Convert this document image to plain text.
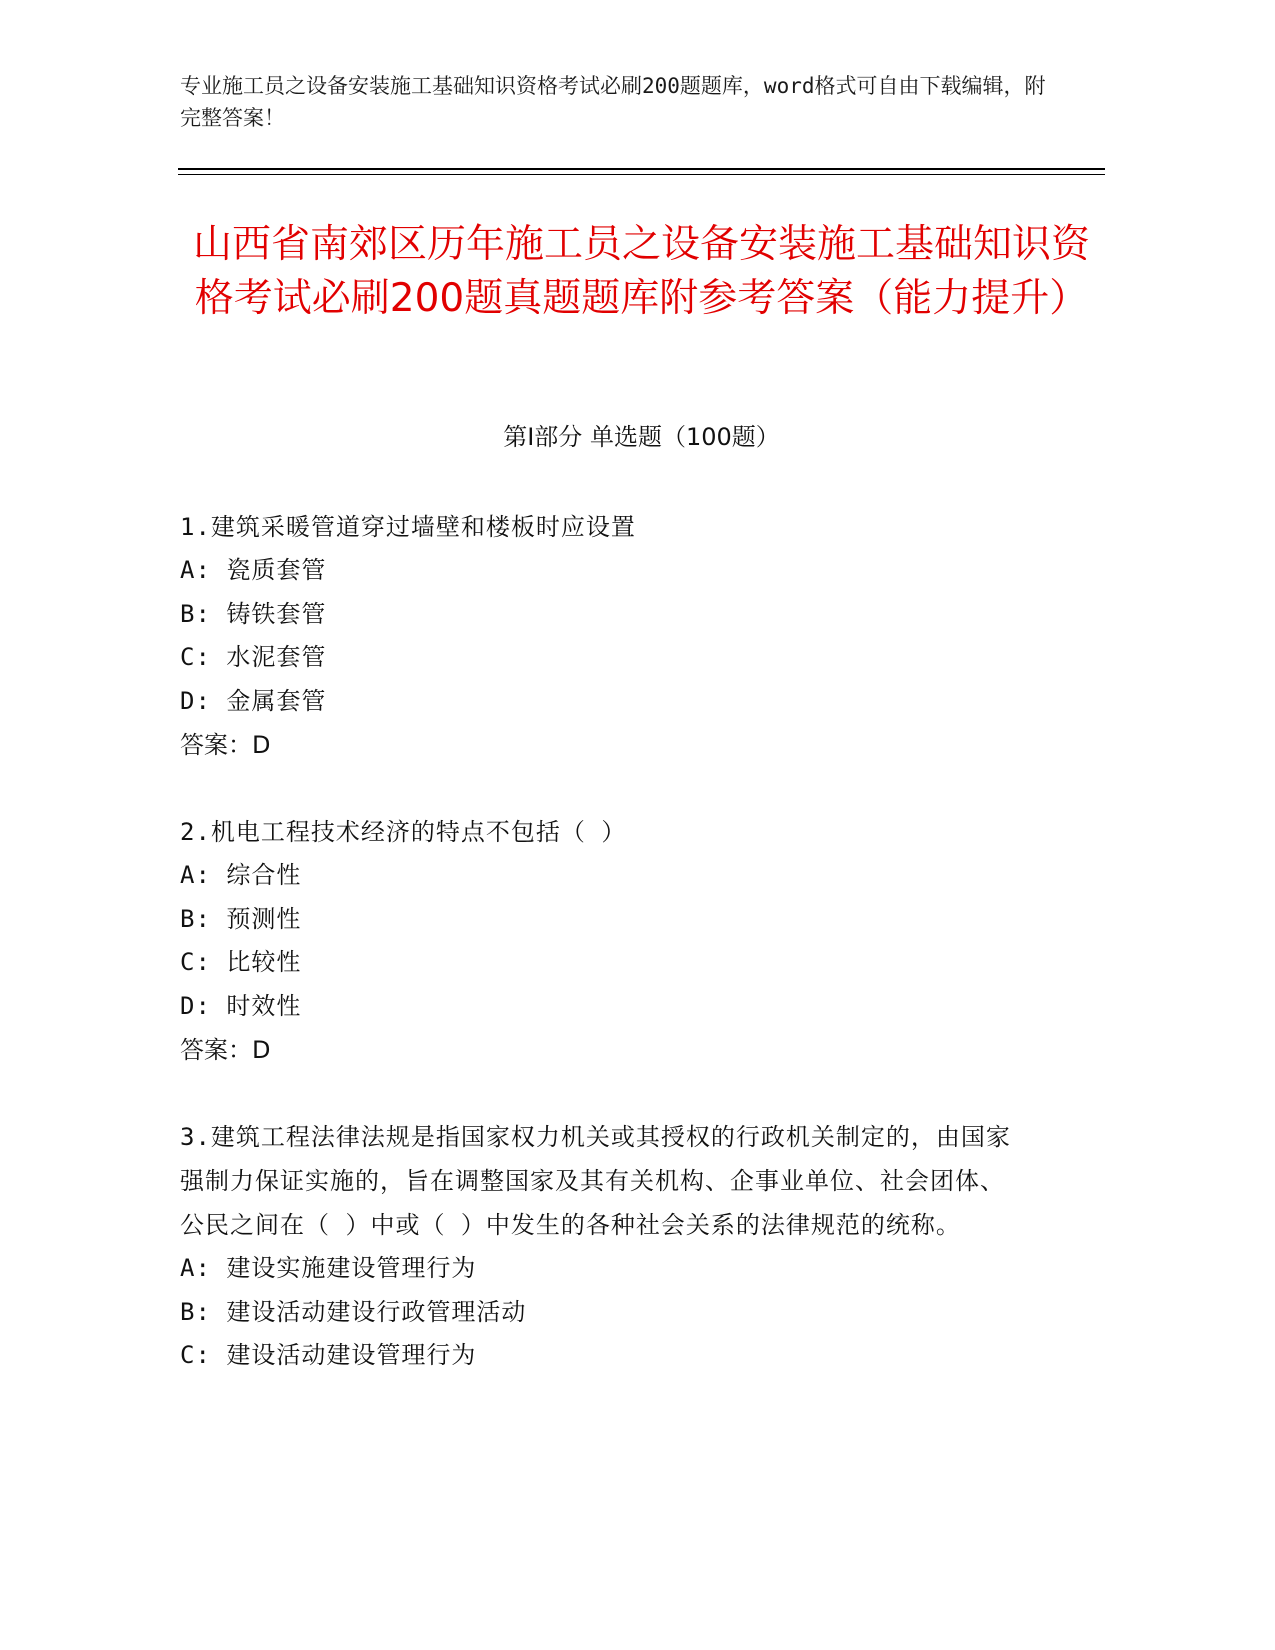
专业施工员之设备安装施工基础知识资格考试必刷200题题库，word格式可自由下载编辑，附完整答案！
山西省南郊区历年施工员之设备安装施工基础知识资格考试必刷200题真题题库附参考答案（能力提升）
第Ⅰ部分 单选题（100题）

1.建筑采暖管道穿过墙壁和楼板时应设置

A: 瓷质套管

B: 铸铁套管

C: 水泥套管

D: 金属套管

答案：D

2.机电工程技术经济的特点不包括（ ）

A: 综合性

B: 预测性

C: 比较性

D: 时效性

答案：D

3.建筑工程法律法规是指国家权力机关或其授权的行政机关制定的，由国家强制力保证实施的，旨在调整国家及其有关机构、企事业单位、社会团体、公民之间在（ ）中或（ ）中发生的各种社会关系的法律规范的统称。

A: 建设实施建设管理行为

B: 建设活动建设行政管理活动

C: 建设活动建设管理行为
